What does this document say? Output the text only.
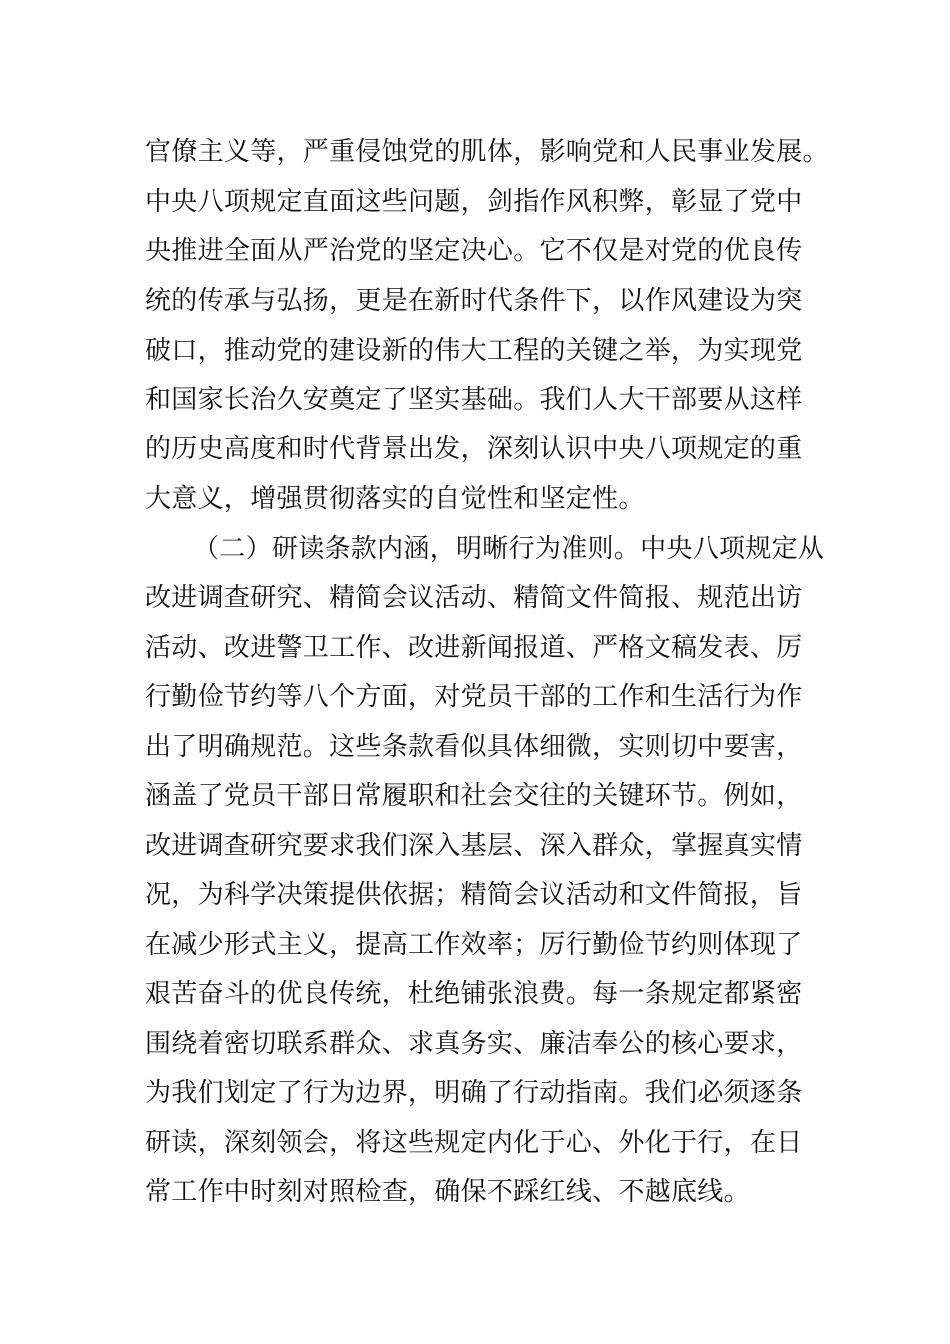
官僚主义等，严重侵蚀党的肌体，影响党和人民事业发展。
中央八项规定直面这些问题，剑指作风积弊，彰显了党中
央推进全面从严治党的坚定决心。它不仅是对党的优良传
统的传承与弘扬，更是在新时代条件下，以作风建设为突
破口，推动党的建设新的伟大工程的关键之举，为实现党
和国家长治久安奠定了坚实基础。我们人大干部要从这样
的历史高度和时代背景出发，深刻认识中央八项规定的重
大意义，增强贯彻落实的自觉性和坚定性。
（二）研读条款内涵，明晰行为准则。中央八项规定从
改进调查研究、精简会议活动、精简文件简报、规范出访
活动、改进警卫工作、改进新闻报道、严格文稿发表、厉
行勤俭节约等八个方面，对党员干部的工作和生活行为作
出了明确规范。这些条款看似具体细微，实则切中要害，
涵盖了党员干部日常履职和社会交往的关键环节。例如，
改进调查研究要求我们深入基层、深入群众，掌握真实情
况，为科学决策提供依据；精简会议活动和文件简报，旨
在减少形式主义，提高工作效率；厉行勤俭节约则体现了
艰苦奋斗的优良传统，杜绝铺张浪费。每一条规定都紧密
围绕着密切联系群众、求真务实、廉洁奉公的核心要求，
为我们划定了行为边界，明确了行动指南。我们必须逐条
研读，深刻领会，将这些规定内化于心、外化于行，在日
常工作中时刻对照检查，确保不踩红线、不越底线。
